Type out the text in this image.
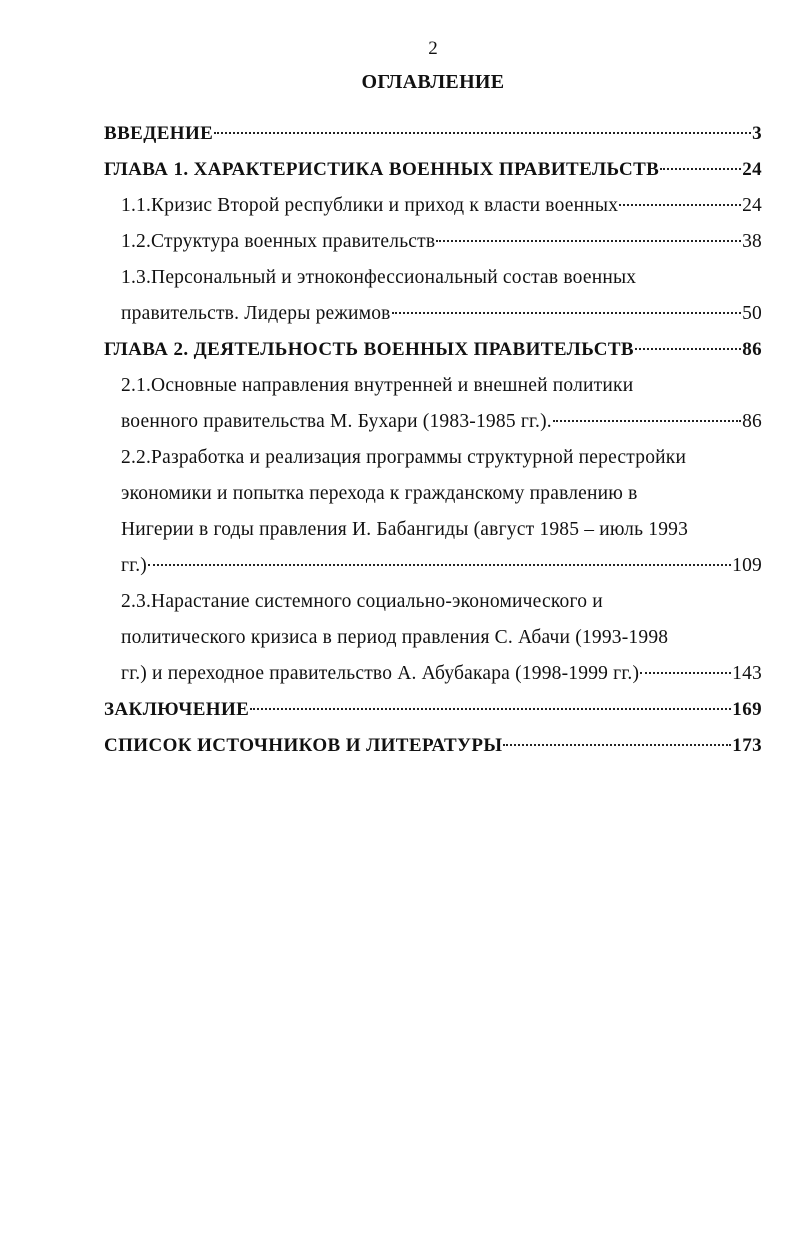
2
ОГЛАВЛЕНИЕ
ВВЕДЕНИЕ	3
ГЛАВА 1. ХАРАКТЕРИСТИКА ВОЕННЫХ ПРАВИТЕЛЬСТВ	24
1.1.Кризис Второй республики и приход к власти военных	24
1.2.Структура военных правительств	38
1.3.Персональный и этноконфессиональный состав военных
правительств. Лидеры режимов	50
ГЛАВА 2. ДЕЯТЕЛЬНОСТЬ ВОЕННЫХ ПРАВИТЕЛЬСТВ	86
2.1.Основные направления внутренней и внешней политики
военного правительства М. Бухари (1983-1985 гг.).	86
2.2.Разработка и реализация программы структурной перестройки
экономики и попытка перехода к гражданскому правлению в
Нигерии в годы правления И. Бабангиды (август 1985 – июль 1993
гг.)	109
2.3.Нарастание системного социально-экономического и
политического кризиса в период правления С. Абачи (1993-1998
гг.) и переходное правительство А. Абубакара (1998-1999 гг.)	143
ЗАКЛЮЧЕНИЕ	169
СПИСОК ИСТОЧНИКОВ И ЛИТЕРАТУРЫ	173
